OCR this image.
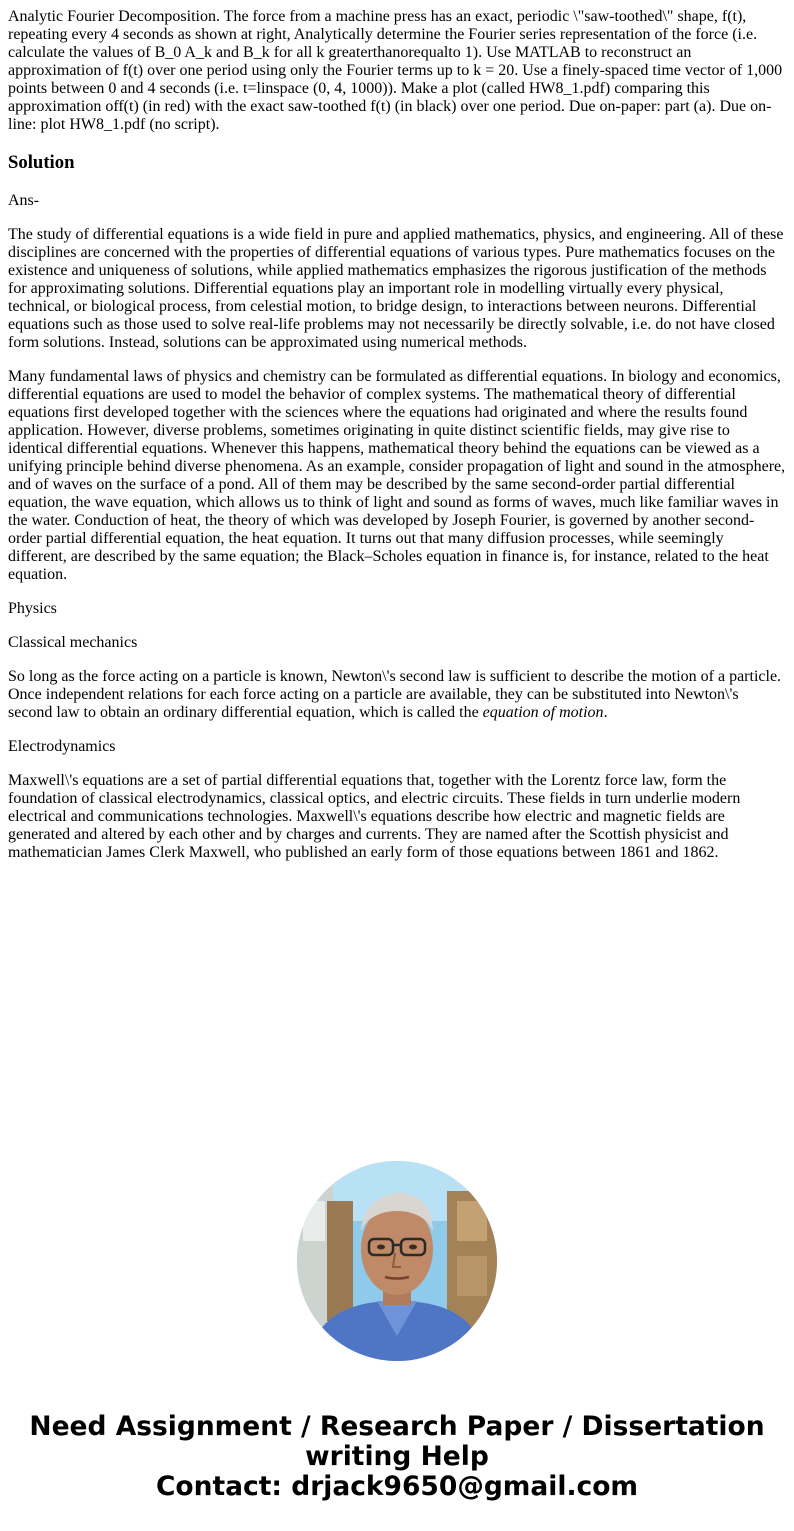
Analytic Fourier Decomposition. The force from a machine press has an exact, periodic \"saw-toothed\" shape, f(t), repeating every 4 seconds as shown at right, Analytically determine the Fourier series representation of the force (i.e. calculate the values of B_0 A_k and B_k for all k greaterthanorequalto 1). Use MATLAB to reconstruct an approximation of f(t) over one period using only the Fourier terms up to k = 20. Use a finely-spaced time vector of 1,000 points between 0 and 4 seconds (i.e. t=linspace (0, 4, 1000)). Make a plot (called HW8_1.pdf) comparing this approximation off(t) (in red) with the exact saw-toothed f(t) (in black) over one period. Due on-paper: part (a). Due on-line: plot HW8_1.pdf (no script).

Solution

Ans-

The study of differential equations is a wide field in pure and applied mathematics, physics, and engineering. All of these disciplines are concerned with the properties of differential equations of various types. Pure mathematics focuses on the existence and uniqueness of solutions, while applied mathematics emphasizes the rigorous justification of the methods for approximating solutions. Differential equations play an important role in modelling virtually every physical, technical, or biological process, from celestial motion, to bridge design, to interactions between neurons. Differential equations such as those used to solve real-life problems may not necessarily be directly solvable, i.e. do not have closed form solutions. Instead, solutions can be approximated using numerical methods.

Many fundamental laws of physics and chemistry can be formulated as differential equations. In biology and economics, differential equations are used to model the behavior of complex systems. The mathematical theory of differential equations first developed together with the sciences where the equations had originated and where the results found application. However, diverse problems, sometimes originating in quite distinct scientific fields, may give rise to identical differential equations. Whenever this happens, mathematical theory behind the equations can be viewed as a unifying principle behind diverse phenomena. As an example, consider propagation of light and sound in the atmosphere, and of waves on the surface of a pond. All of them may be described by the same second-order partial differential equation, the wave equation, which allows us to think of light and sound as forms of waves, much like familiar waves in the water. Conduction of heat, the theory of which was developed by Joseph Fourier, is governed by another second-order partial differential equation, the heat equation. It turns out that many diffusion processes, while seemingly different, are described by the same equation; the Black–Scholes equation in finance is, for instance, related to the heat equation.

Physics

Classical mechanics

So long as the force acting on a particle is known, Newton\'s second law is sufficient to describe the motion of a particle. Once independent relations for each force acting on a particle are available, they can be substituted into Newton\'s second law to obtain an ordinary differential equation, which is called the equation of motion.

Electrodynamics

Maxwell\'s equations are a set of partial differential equations that, together with the Lorentz force law, form the foundation of classical electrodynamics, classical optics, and electric circuits. These fields in turn underlie modern electrical and communications technologies. Maxwell\'s equations describe how electric and magnetic fields are generated and altered by each other and by charges and currents. They are named after the Scottish physicist and mathematician James Clerk Maxwell, who published an early form of those equations between 1861 and 1862.

Need Assignment / Research Paper / Dissertation
writing Help
Contact: drjack9650@gmail.com
